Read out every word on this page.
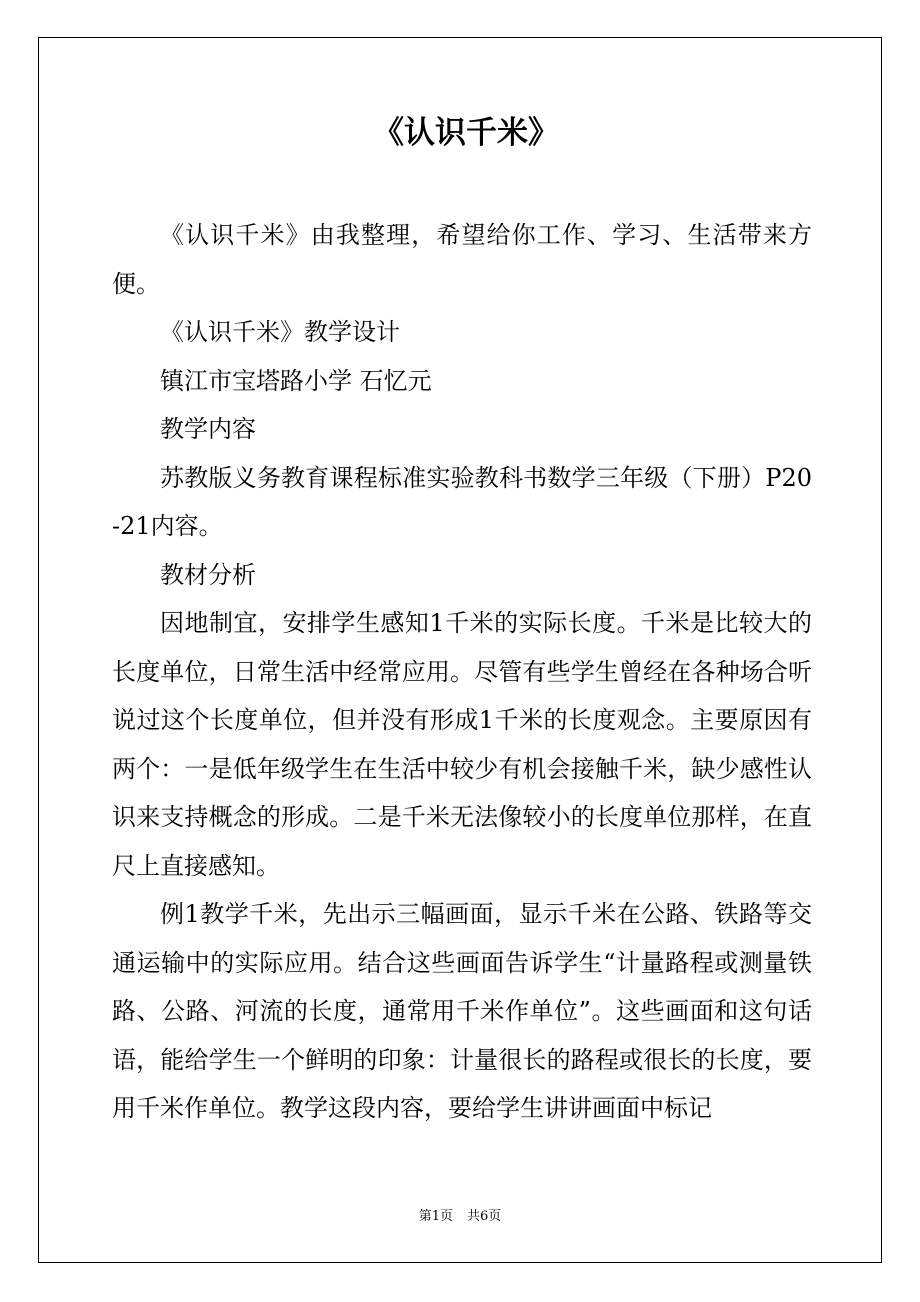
《认识千米》

《认识千米》由我整理，希望给你工作、学习、生活带来方便。

《认识千米》教学设计

镇江市宝塔路小学 石忆元

教学内容

苏教版义务教育课程标准实验教科书数学三年级（下册）P20-21内容。

教材分析

因地制宜，安排学生感知1千米的实际长度。千米是比较大的长度单位，日常生活中经常应用。尽管有些学生曾经在各种场合听说过这个长度单位，但并没有形成1千米的长度观念。主要原因有两个：一是低年级学生在生活中较少有机会接触千米，缺少感性认识来支持概念的形成。二是千米无法像较小的长度单位那样，在直尺上直接感知。

例1教学千米，先出示三幅画面，显示千米在公路、铁路等交通运输中的实际应用。结合这些画面告诉学生“计量路程或测量铁路、公路、河流的长度，通常用千米作单位”。这些画面和这句话语，能给学生一个鲜明的印象：计量很长的路程或很长的长度，要用千米作单位。教学这段内容，要给学生讲讲画面中标记

第1页 共6页
